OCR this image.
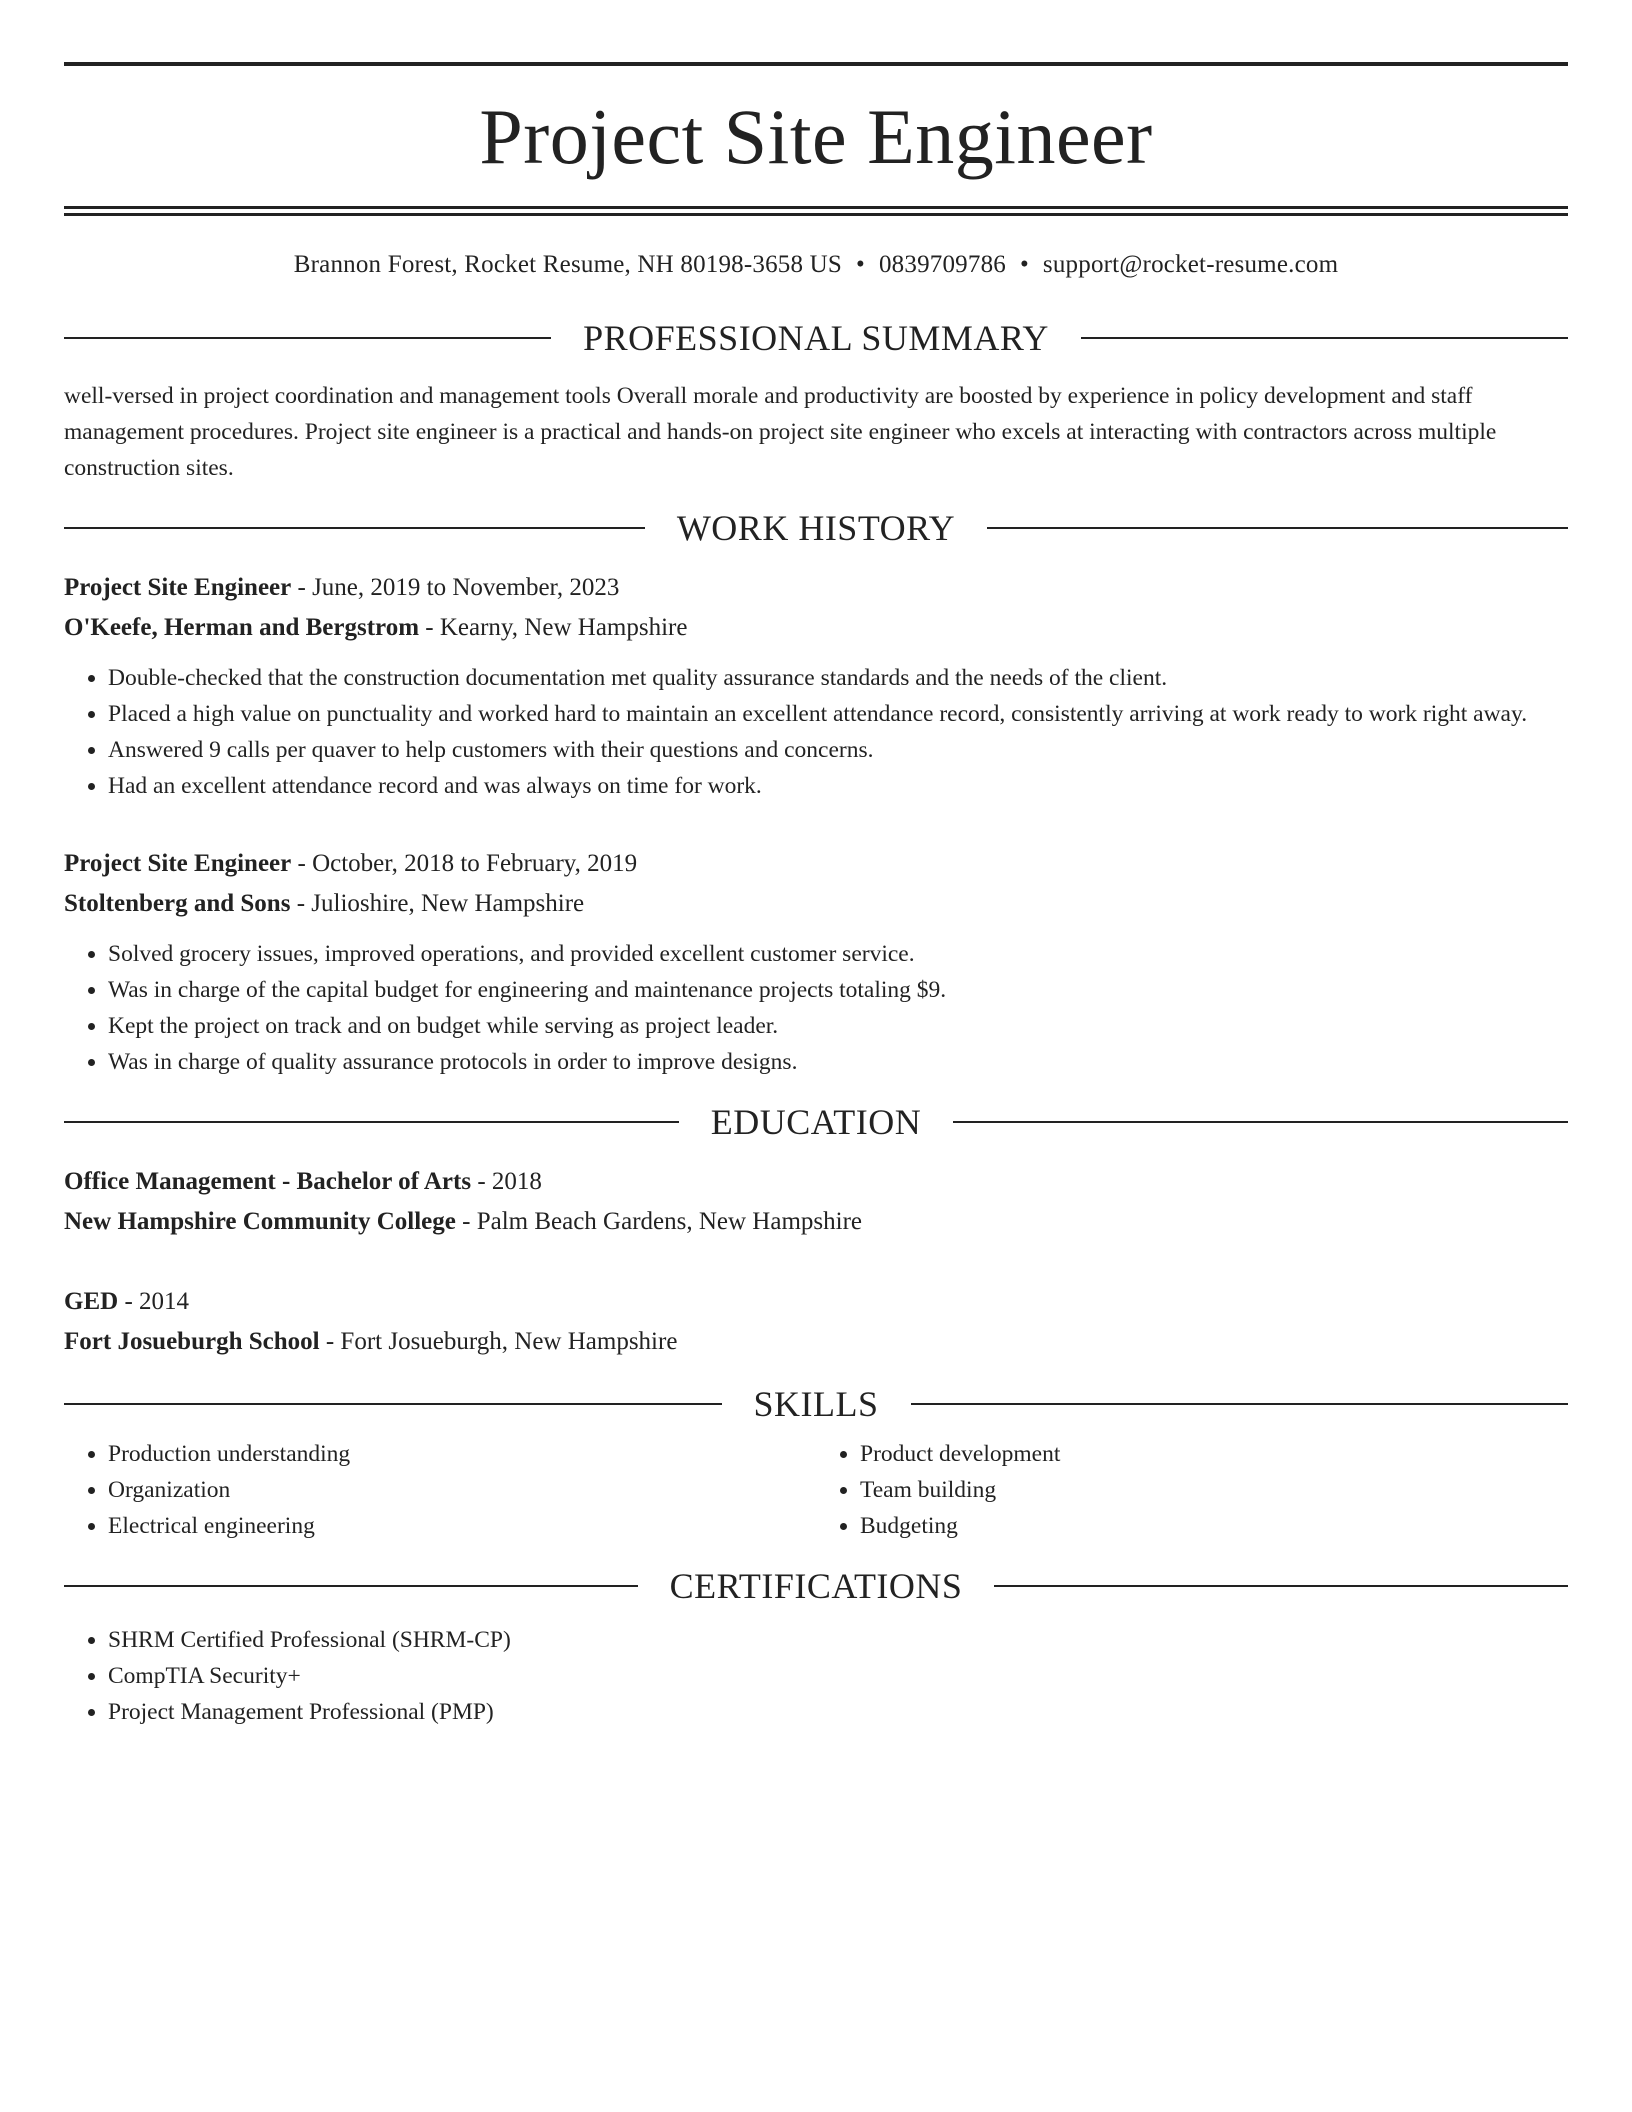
Project Site Engineer
Brannon Forest, Rocket Resume, NH 80198-3658 US • 0839709786 • support@rocket-resume.com
PROFESSIONAL SUMMARY
well-versed in project coordination and management tools Overall morale and productivity are boosted by experience in policy development and staff management procedures. Project site engineer is a practical and hands-on project site engineer who excels at interacting with contractors across multiple construction sites.
WORK HISTORY
Project Site Engineer - June, 2019 to November, 2023
O'Keefe, Herman and Bergstrom - Kearny, New Hampshire
• Double-checked that the construction documentation met quality assurance standards and the needs of the client.
• Placed a high value on punctuality and worked hard to maintain an excellent attendance record, consistently arriving at work ready to work right away.
• Answered 9 calls per quaver to help customers with their questions and concerns.
• Had an excellent attendance record and was always on time for work.
Project Site Engineer - October, 2018 to February, 2019
Stoltenberg and Sons - Julioshire, New Hampshire
• Solved grocery issues, improved operations, and provided excellent customer service.
• Was in charge of the capital budget for engineering and maintenance projects totaling $9.
• Kept the project on track and on budget while serving as project leader.
• Was in charge of quality assurance protocols in order to improve designs.
EDUCATION
Office Management - Bachelor of Arts - 2018
New Hampshire Community College - Palm Beach Gardens, New Hampshire
GED - 2014
Fort Josueburgh School - Fort Josueburgh, New Hampshire
SKILLS
• Production understanding
• Organization
• Electrical engineering
• Product development
• Team building
• Budgeting
CERTIFICATIONS
• SHRM Certified Professional (SHRM-CP)
• CompTIA Security+
• Project Management Professional (PMP)
